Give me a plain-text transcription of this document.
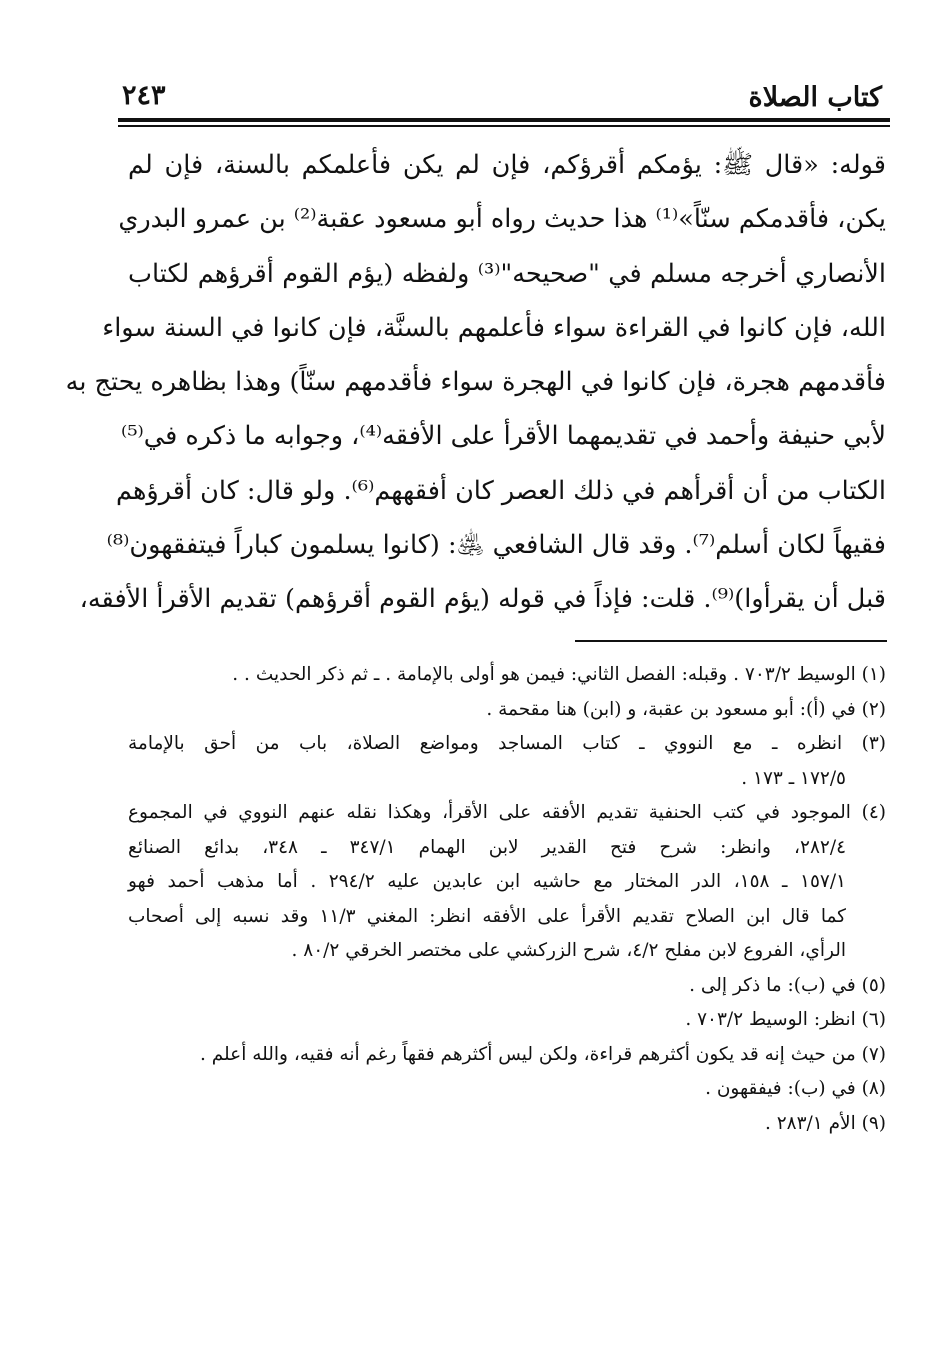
كتاب الصلاة
٢٤٣
قوله: «قال ﷺ: يؤمكم أقرؤكم، فإن لم يكن فأعلمكم بالسنة، فإن لم
يكن، فأقدمكم سنّاً»⁽¹⁾ هذا حديث رواه أبو مسعود عقبة⁽²⁾ بن عمرو البدري
الأنصاري أخرجه مسلم في "صحيحه"⁽³⁾ ولفظه (يؤم القوم أقرؤهم لكتاب
الله، فإن كانوا في القراءة سواء فأعلمهم بالسنَّة، فإن كانوا في السنة سواء
فأقدمهم هجرة، فإن كانوا في الهجرة سواء فأقدمهم سنّاً) وهذا بظاهره يحتج به
لأبي حنيفة وأحمد في تقديمهما الأقرأ على الأفقه⁽⁴⁾، وجوابه ما ذكره في⁽⁵⁾
الكتاب من أن أقرأهم في ذلك العصر كان أفقههم⁽⁶⁾. ولو قال: كان أقرؤهم
فقيهاً لكان أسلم⁽⁷⁾. وقد قال الشافعي ﵁: (كانوا يسلمون كباراً فيتفقهون⁽⁸⁾
قبل أن يقرأوا)⁽⁹⁾. قلت: فإذاً في قوله (يؤم القوم أقرؤهم) تقديم الأقرأ الأفقه،
(١) الوسيط ٧٠٣/٢ . وقبله: الفصل الثاني: فيمن هو أولى بالإمامة . ـ ثم ذكر الحديث . .
(٢) في (أ): أبو مسعود بن عقبة، و (ابن) هنا مقحمة .
(٣) انظره ـ مع النووي ـ كتاب المساجد ومواضع الصلاة، باب من أحق بالإمامة
١٧٢/٥ ـ ١٧٣ .
(٤) الموجود في كتب الحنفية تقديم الأفقه على الأقرأ، وهكذا نقله عنهم النووي في المجموع
٢٨٢/٤، وانظر: شرح فتح القدير لابن الهمام ٣٤٧/١ ـ ٣٤٨، بدائع الصنائع
١٥٧/١ ـ ١٥٨، الدر المختار مع حاشيه ابن عابدين عليه ٢٩٤/٢ . أما مذهب أحمد فهو
كما قال ابن الصلاح تقديم الأقرأ على الأفقه انظر: المغني ١١/٣ وقد نسبه إلى أصحاب
الرأي، الفروع لابن مفلح ٤/٢، شرح الزركشي على مختصر الخرقي ٨٠/٢ .
(٥) في (ب): ما ذكر إلى .
(٦) انظر: الوسيط ٧٠٣/٢ .
(٧) من حيث إنه قد يكون أكثرهم قراءة، ولكن ليس أكثرهم فقهاً رغم أنه فقيه، والله أعلم .
(٨) في (ب): فيفقهون .
(٩) الأم ٢٨٣/١ .
